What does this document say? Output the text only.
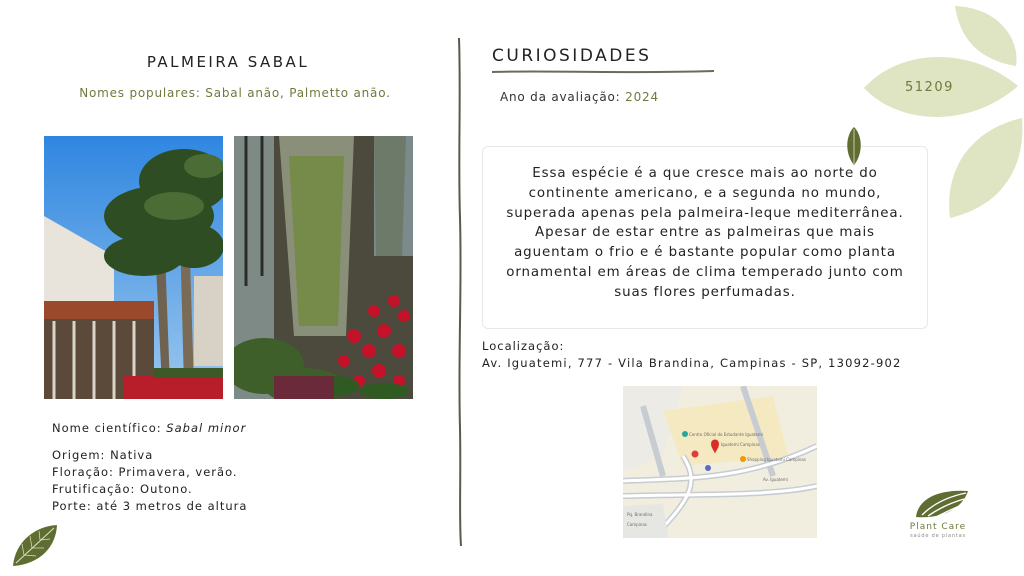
51209
PALMEIRA SABAL
Nomes populares: Sabal anão, Palmetto anão.
Nome científico: Sabal minor
Origem: Nativa
Floração: Primavera, verão.
Frutificação: Outono.
Porte: até 3 metros de altura
CURIOSIDADES
Ano da avaliação: 2024
Essa espécie é a que cresce mais ao norte do continente americano, e a segunda no mundo, superada apenas pela palmeira-leque mediterrânea. Apesar de estar entre as palmeiras que mais aguentam o frio e é bastante popular como planta ornamental em áreas de clima temperado junto com suas flores perfumadas.
Localização:
Av. Iguatemi, 777 - Vila Brandina, Campinas - SP, 13092-902
Centro Oficial do Estudante Iguatemi
Iguatemi Campinas
Shopping Iguatemi Campinas
Av. Iguatemi
Pq. Brandina
Campinas	Plant Care
saúde de plantas
